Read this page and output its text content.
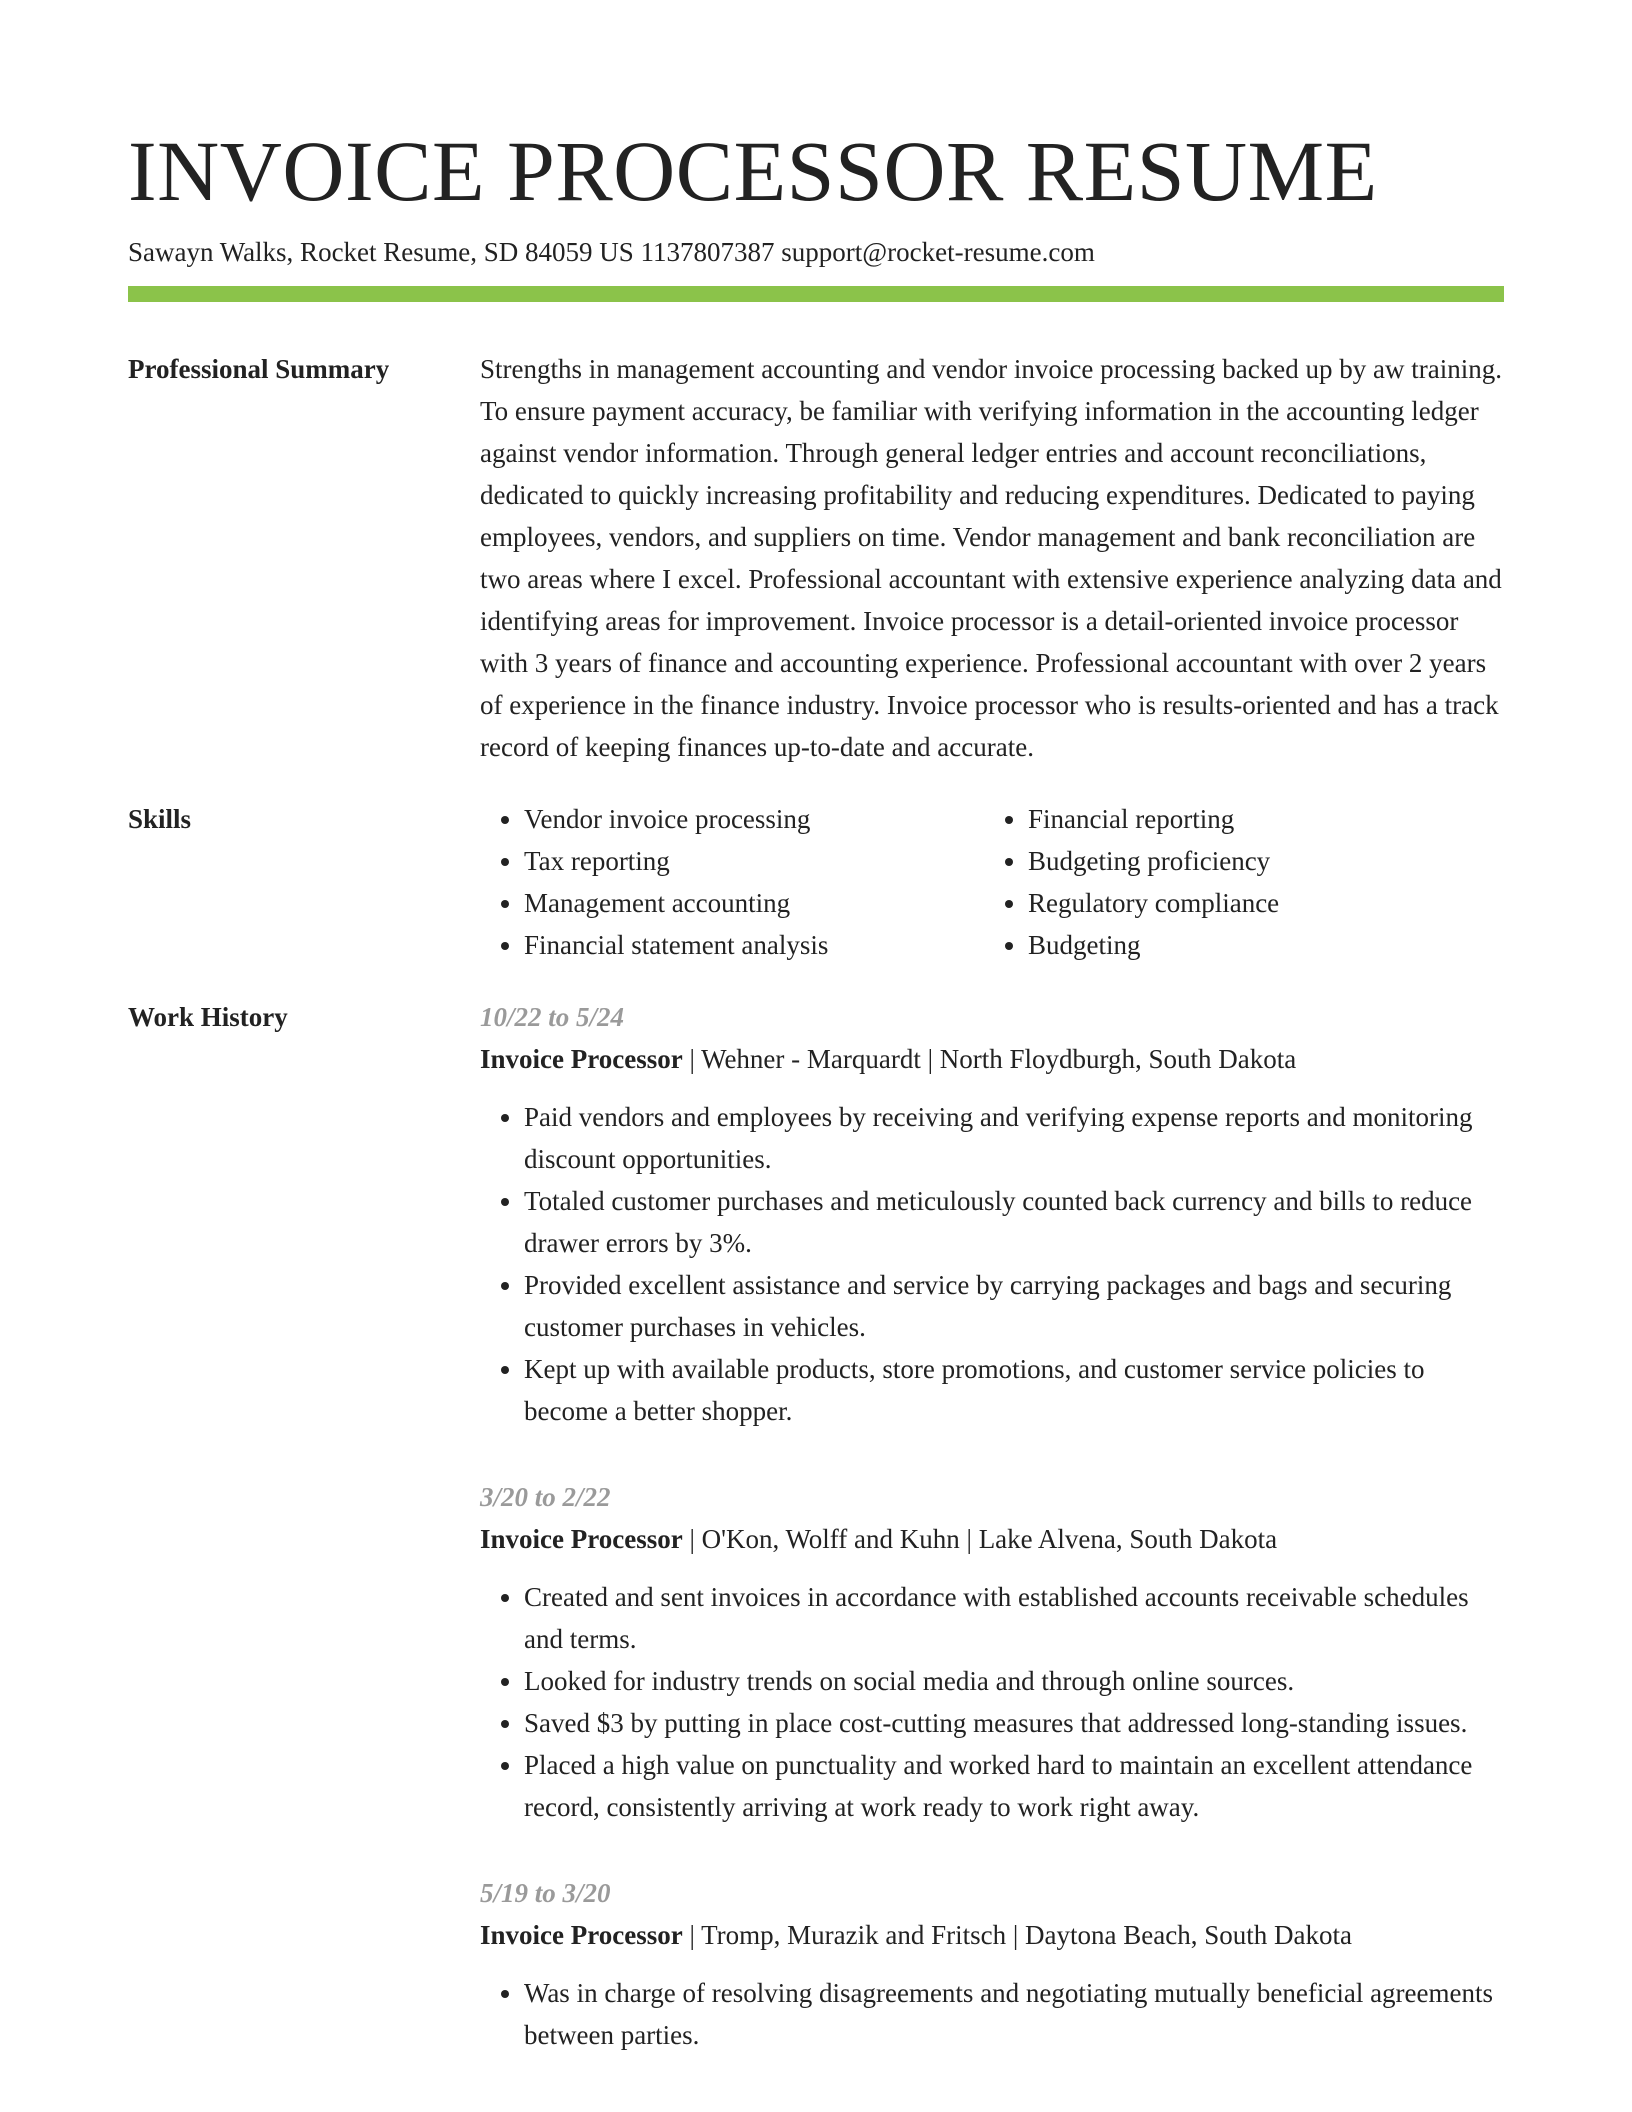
INVOICE PROCESSOR RESUME
Sawayn Walks, Rocket Resume, SD 84059 US 1137807387 support@rocket-resume.com
Professional Summary	Strengths in management accounting and vendor invoice processing backed up by aw training. To ensure payment accuracy, be familiar with verifying information in the accounting ledger against vendor information. Through general ledger entries and account reconciliations, dedicated to quickly increasing profitability and reducing expenditures. Dedicated to paying employees, vendors, and suppliers on time. Vendor management and bank reconciliation are two areas where I excel. Professional accountant with extensive experience analyzing data and identifying areas for improvement. Invoice processor is a detail-oriented invoice processor with 3 years of finance and accounting experience. Professional accountant with over 2 years of experience in the finance industry. Invoice processor who is results-oriented and has a track record of keeping finances up-to-date and accurate.

Skills
•	Vendor invoice processing
• Tax reporting
• Management accounting
• Financial statement analysis
• Financial reporting
• Budgeting proficiency
• Regulatory compliance
• Budgeting
Work History	10/22 to 5/24
Invoice Processor | Wehner - Marquardt | North Floydburgh, South Dakota
• Paid vendors and employees by receiving and verifying expense reports and monitoring discount opportunities.
• Totaled customer purchases and meticulously counted back currency and bills to reduce drawer errors by 3%.
• Provided excellent assistance and service by carrying packages and bags and securing customer purchases in vehicles.
• Kept up with available products, store promotions, and customer service policies to become a better shopper.
3/20 to 2/22
Invoice Processor | O'Kon, Wolff and Kuhn | Lake Alvena, South Dakota
• Created and sent invoices in accordance with established accounts receivable schedules and terms.
• Looked for industry trends on social media and through online sources.
• Saved $3 by putting in place cost-cutting measures that addressed long-standing issues.
• Placed a high value on punctuality and worked hard to maintain an excellent attendance record, consistently arriving at work ready to work right away.
5/19 to 3/20
Invoice Processor | Tromp, Murazik and Fritsch | Daytona Beach, South Dakota
• Was in charge of resolving disagreements and negotiating mutually beneficial agreements between parties.
